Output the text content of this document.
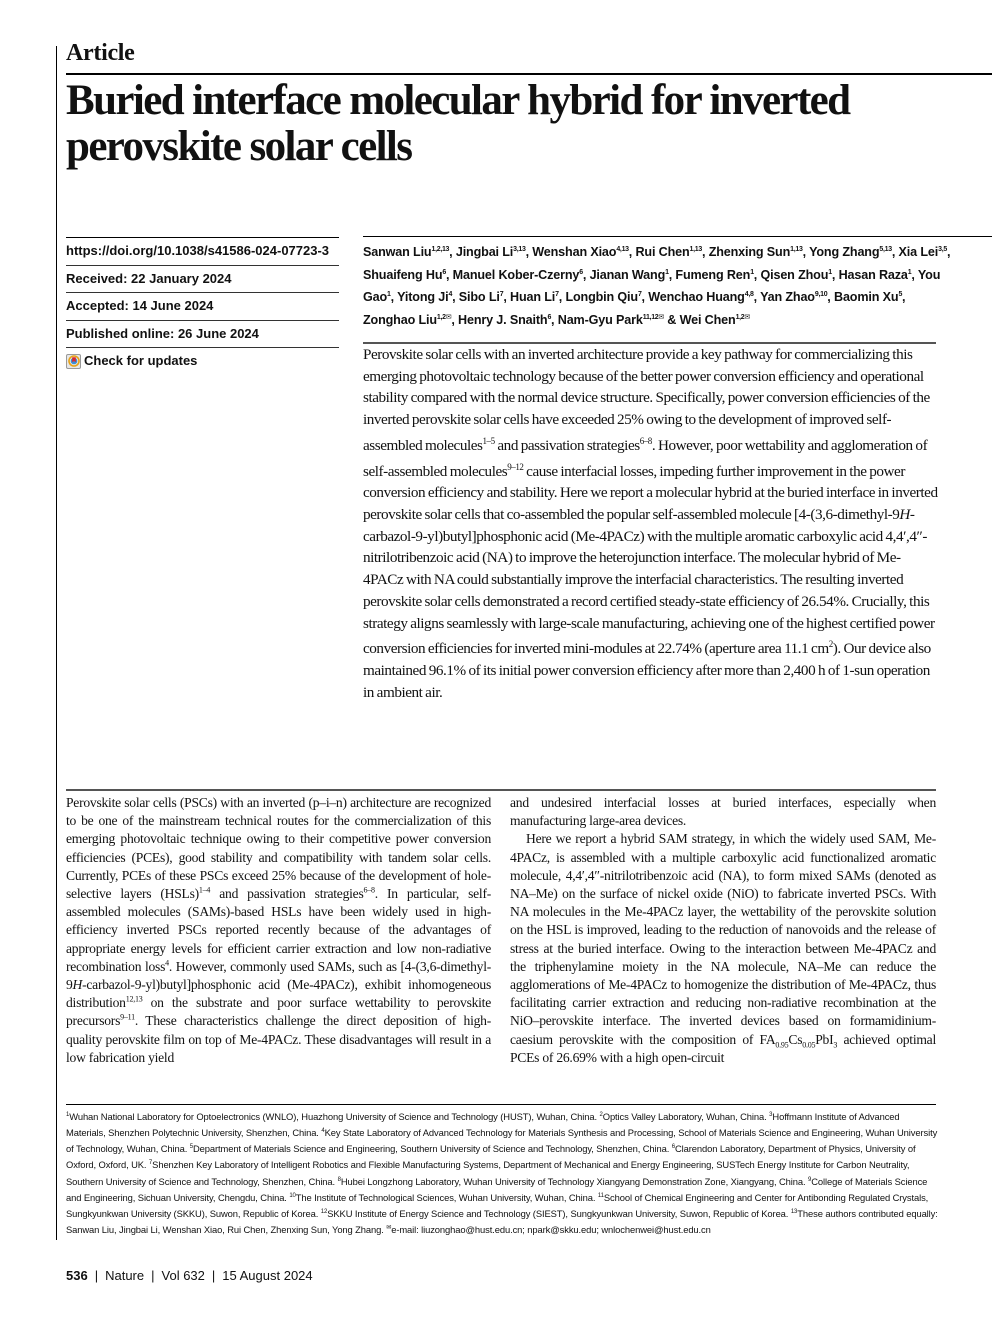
Article
Buried interface molecular hybrid for inverted perovskite solar cells
https://doi.org/10.1038/s41586-024-07723-3
Received: 22 January 2024
Accepted: 14 June 2024
Published online: 26 June 2024
Check for updates
Sanwan Liu$^{1,2,13}$, Jingbai Li$^{3,13}$, Wenshan Xiao$^{4,13}$, Rui Chen$^{1,13}$, Zhenxing Sun$^{1,13}$, Yong Zhang$^{5,13}$, Xia Lei$^{3,5}$, Shuaifeng Hu$^6$, Manuel Kober-Czerny$^6$, Jianan Wang$^1$, Fumeng Ren$^1$, Qisen Zhou$^1$, Hasan Raza$^1$, You Gao$^1$, Yitong Ji$^4$, Sibo Li$^7$, Huan Li$^7$, Longbin Qiu$^7$, Wenchao Huang$^{4,8}$, Yan Zhao$^{9,10}$, Baomin Xu$^5$, Zonghao Liu$^{1,2✉}$, Henry J. Snaith$^6$, Nam-Gyu Park$^{11,12✉}$ & Wei Chen$^{1,2✉}$
Perovskite solar cells with an inverted architecture provide a key pathway for commercializing this emerging photovoltaic technology because of the better power conversion efficiency and operational stability compared with the normal device structure. Specifically, power conversion efficiencies of the inverted perovskite solar cells have exceeded 25% owing to the development of improved self-assembled molecules$^{1-5}$ and passivation strategies$^{6-8}$. However, poor wettability and agglomeration of self-assembled molecules$^{9-12}$ cause interfacial losses, impeding further improvement in the power conversion efficiency and stability. Here we report a molecular hybrid at the buried interface in inverted perovskite solar cells that co-assembled the popular self-assembled molecule [4-(3,6-dimethyl-9H-carbazol-9-yl)butyl]phosphonic acid (Me-4PACz) with the multiple aromatic carboxylic acid 4,4′,4″-nitrilotribenzoic acid (NA) to improve the heterojunction interface. The molecular hybrid of Me-4PACz with NA could substantially improve the interfacial characteristics. The resulting inverted perovskite solar cells demonstrated a record certified steady-state efficiency of 26.54%. Crucially, this strategy aligns seamlessly with large-scale manufacturing, achieving one of the highest certified power conversion efficiencies for inverted mini-modules at 22.74% (aperture area 11.1 $cm^2$). Our device also maintained 96.1% of its initial power conversion efficiency after more than 2,400 h of 1-sun operation in ambient air.

Perovskite solar cells (PSCs) with an inverted (p–i–n) architecture are recognized to be one of the mainstream technical routes for the commercialization of this emerging photovoltaic technique owing to their competitive power conversion efficiencies (PCEs), good stability and compatibility with tandem solar cells. Currently, PCEs of these PSCs exceed 25% because of the development of hole-selective layers (HSLs)$^{1-4}$ and passivation strategies$^{6-8}$. In particular, self-assembled molecules (SAMs)-based HSLs have been widely used in high-efficiency inverted PSCs reported recently because of the advantages of appropriate energy levels for efficient carrier extraction and low non-radiative recombination loss$^4$. However, commonly used SAMs, such as [4-(3,6-dimethyl-9H-carbazol-9-yl)butyl]phosphonic acid (Me-4PACz), exhibit inhomogeneous distribution$^{12,13}$ on the substrate and poor surface wettability to perovskite precursors$^{9-11}$. These characteristics challenge the direct deposition of high-quality perovskite film on top of Me-4PACz. These disadvantages will result in a low fabrication yield

and undesired interfacial losses at buried interfaces, especially when manufacturing large-area devices.

Here we report a hybrid SAM strategy, in which the widely used SAM, Me-4PACz, is assembled with a multiple carboxylic acid functionalized aromatic molecule, 4,4′,4″-nitrilotribenzoic acid (NA), to form mixed SAMs (denoted as NA–Me) on the surface of nickel oxide (NiO) to fabricate inverted PSCs. With NA molecules in the Me-4PACz layer, the wettability of the perovskite solution on the HSL is improved, leading to the reduction of nanovoids and the release of stress at the buried interface. Owing to the interaction between Me-4PACz and the triphenylamine moiety in the NA molecule, NA–Me can reduce the agglomerations of Me-4PACz to homogenize the distribution of Me-4PACz, thus facilitating carrier extraction and reducing non-radiative recombination at the NiO–perovskite interface. The inverted devices based on formamidinium-caesium perovskite with the composition of $FA_{0.95}Cs_{0.05}PbI_3$ achieved optimal PCEs of 26.69% with a high open-circuit

$^1$Wuhan National Laboratory for Optoelectronics (WNLO), Huazhong University of Science and Technology (HUST), Wuhan, China. $^2$Optics Valley Laboratory, Wuhan, China. $^3$Hoffmann Institute of Advanced Materials, Shenzhen Polytechnic University, Shenzhen, China. $^4$Key State Laboratory of Advanced Technology for Materials Synthesis and Processing, School of Materials Science and Engineering, Wuhan University of Technology, Wuhan, China. $^5$Department of Materials Science and Engineering, Southern University of Science and Technology, Shenzhen, China. $^6$Clarendon Laboratory, Department of Physics, University of Oxford, Oxford, UK. $^7$Shenzhen Key Laboratory of Intelligent Robotics and Flexible Manufacturing Systems, Department of Mechanical and Energy Engineering, SUSTech Energy Institute for Carbon Neutrality, Southern University of Science and Technology, Shenzhen, China. $^8$Hubei Longzhong Laboratory, Wuhan University of Technology Xiangyang Demonstration Zone, Xiangyang, China. $^9$College of Materials Science and Engineering, Sichuan University, Chengdu, China. $^{10}$The Institute of Technological Sciences, Wuhan University, Wuhan, China. $^{11}$School of Chemical Engineering and Center for Antibonding Regulated Crystals, Sungkyunkwan University (SKKU), Suwon, Republic of Korea. $^{12}$SKKU Institute of Energy Science and Technology (SIEST), Sungkyunkwan University, Suwon, Republic of Korea. $^{13}$These authors contributed equally: Sanwan Liu, Jingbai Li, Wenshan Xiao, Rui Chen, Zhenxing Sun, Yong Zhang. ✉e-mail: liuzonghao@hust.edu.cn; npark@skku.edu; wnlochenwei@hust.edu.cn
536 | Nature | Vol 632 | 15 August 2024
